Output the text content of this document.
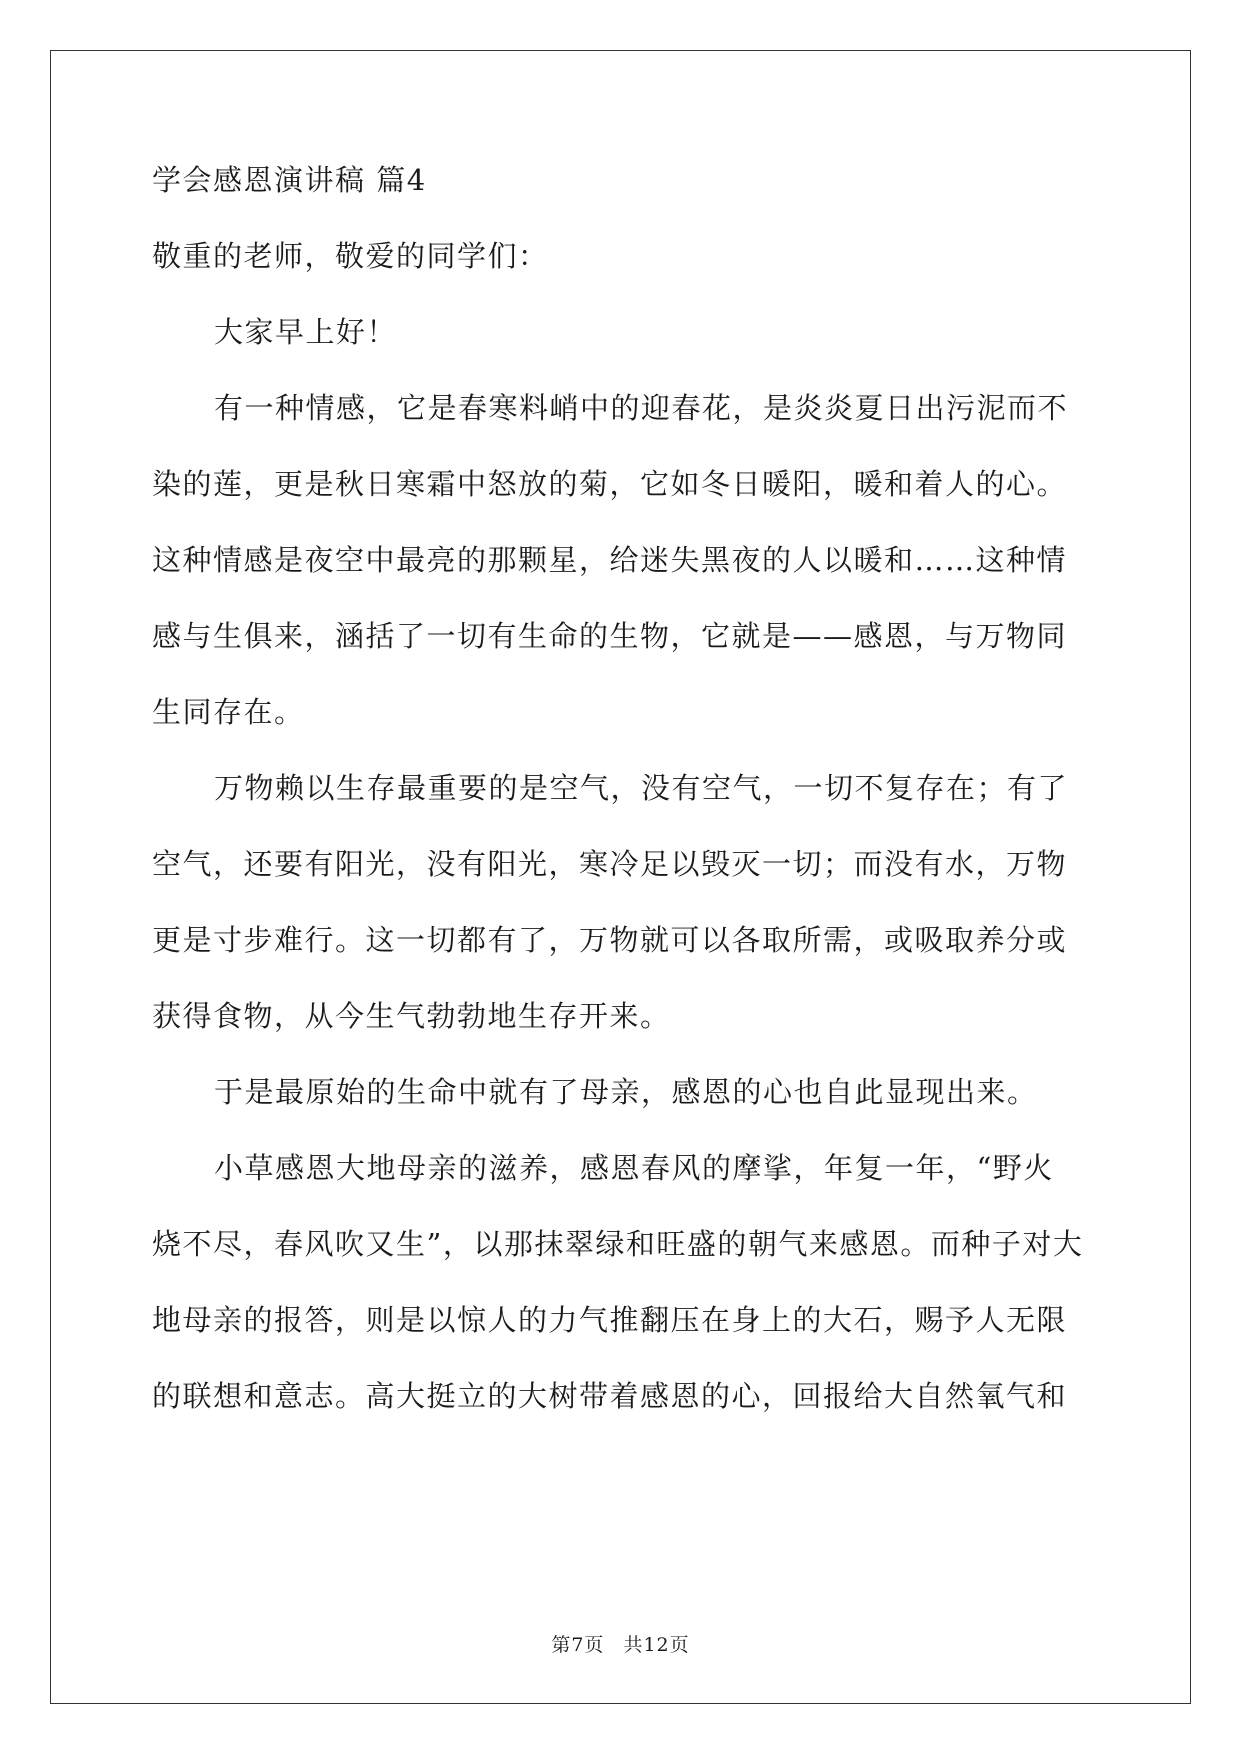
学会感恩演讲稿 篇4
敬重的老师，敬爱的同学们：
大家早上好！
有一种情感，它是春寒料峭中的迎春花，是炎炎夏日出污泥而不
染的莲，更是秋日寒霜中怒放的菊，它如冬日暖阳，暖和着人的心。
这种情感是夜空中最亮的那颗星，给迷失黑夜的人以暖和……这种情
感与生俱来，涵括了一切有生命的生物，它就是——感恩，与万物同
生同存在。
万物赖以生存最重要的是空气，没有空气，一切不复存在；有了
空气，还要有阳光，没有阳光，寒冷足以毁灭一切；而没有水，万物
更是寸步难行。这一切都有了，万物就可以各取所需，或吸取养分或
获得食物，从今生气勃勃地生存开来。
于是最原始的生命中就有了母亲，感恩的心也自此显现出来。
小草感恩大地母亲的滋养，感恩春风的摩挲，年复一年，“野火
烧不尽，春风吹又生”，以那抹翠绿和旺盛的朝气来感恩。而种子对大
地母亲的报答，则是以惊人的力气推翻压在身上的大石，赐予人无限
的联想和意志。高大挺立的大树带着感恩的心，回报给大自然氧气和
第7页 共12页
